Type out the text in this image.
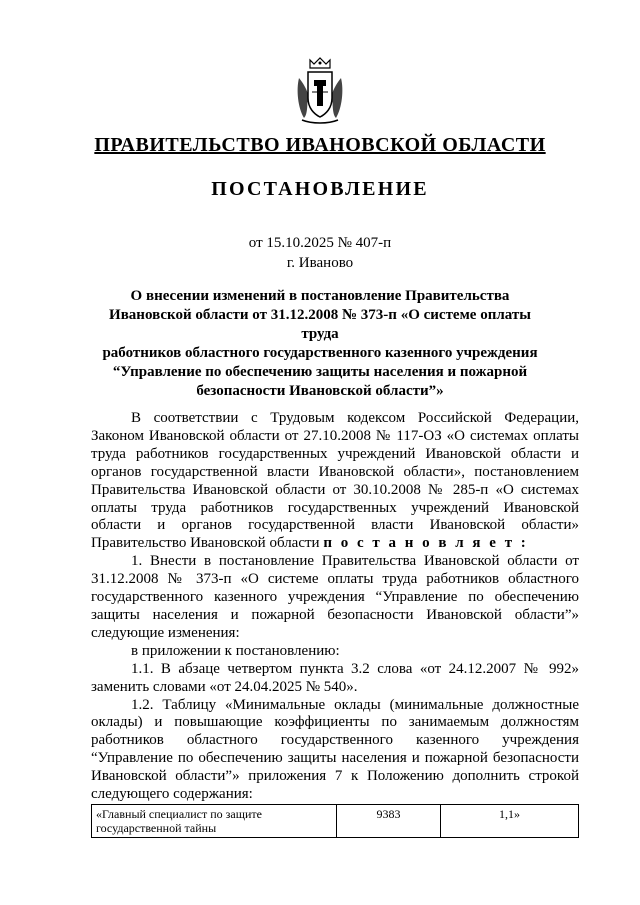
ПРАВИТЕЛЬСТВО ИВАНОВСКОЙ ОБЛАСТИ
ПОСТАНОВЛЕНИЕ
от 15.10.2025 № 407-п
г. Иваново
О внесении изменений в постановление Правительства
Ивановской области от 31.12.2008 № 373-п «О системе оплаты труда
работников областного государственного казенного учреждения
“Управление по обеспечению защиты населения и пожарной
безопасности Ивановской области”»

В соответствии с Трудовым кодексом Российской Федерации, Законом Ивановской области от 27.10.2008 № 117-ОЗ «О системах оплаты труда работников государственных учреждений Ивановской области и органов государственной власти Ивановской области», постановлением Правительства Ивановской области от 30.10.2008 № 285-п «О системах оплаты труда работников государственных учреждений Ивановской области и органов государственной власти Ивановской области» Правительство Ивановской области п о с т а н о в л я е т :

1. Внести в постановление Правительства Ивановской области от 31.12.2008 № 373-п «О системе оплаты труда работников областного государственного казенного учреждения “Управление по обеспечению защиты населения и пожарной безопасности Ивановской области”» следующие изменения:

в приложении к постановлению:

1.1. В абзаце четвертом пункта 3.2 слова «от 24.12.2007 № 992» заменить словами «от 24.04.2025 № 540».

1.2. Таблицу «Минимальные оклады (минимальные должностные оклады) и повышающие коэффициенты по занимаемым должностям работников областного государственного казенного учреждения “Управление по обеспечению защиты населения и пожарной безопасности Ивановской области”» приложения 7 к Положению дополнить строкой следующего содержания:

«Главный специалист по защите государственной тайны	9383	1,1»
